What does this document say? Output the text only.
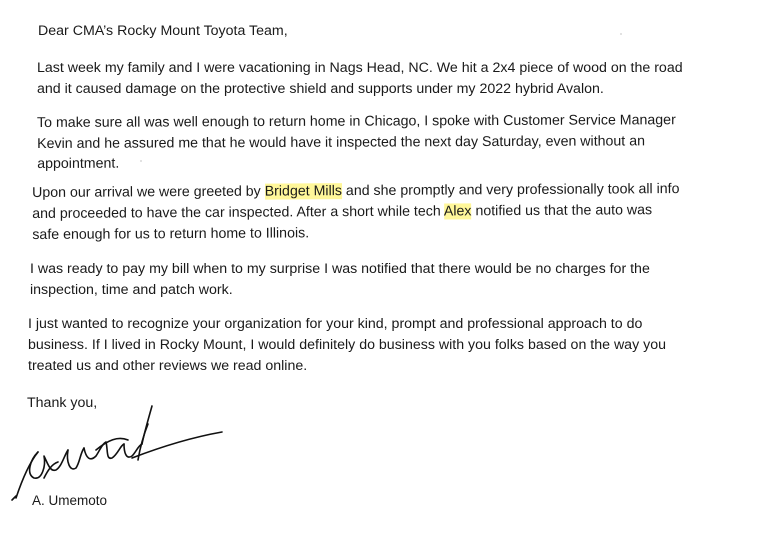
Dear CMA’s Rocky Mount Toyota Team,

Last week my family and I were vacationing in Nags Head, NC. We hit a 2x4 piece of wood on the road
and it caused damage on the protective shield and supports under my 2022 hybrid Avalon.

To make sure all was well enough to return home in Chicago, I spoke with Customer Service Manager
Kevin and he assured me that he would have it inspected the next day Saturday, even without an
appointment.

Upon our arrival we were greeted by Bridget Mills and she promptly and very professionally took all info
and proceeded to have the car inspected. After a short while tech Alex notified us that the auto was
safe enough for us to return home to Illinois.

I was ready to pay my bill when to my surprise I was notified that there would be no charges for the
inspection, time and patch work.

I just wanted to recognize your organization for your kind, prompt and professional approach to do
business. If I lived in Rocky Mount, I would definitely do business with you folks based on the way you
treated us and other reviews we read online.

Thank you,

A. Umemoto
